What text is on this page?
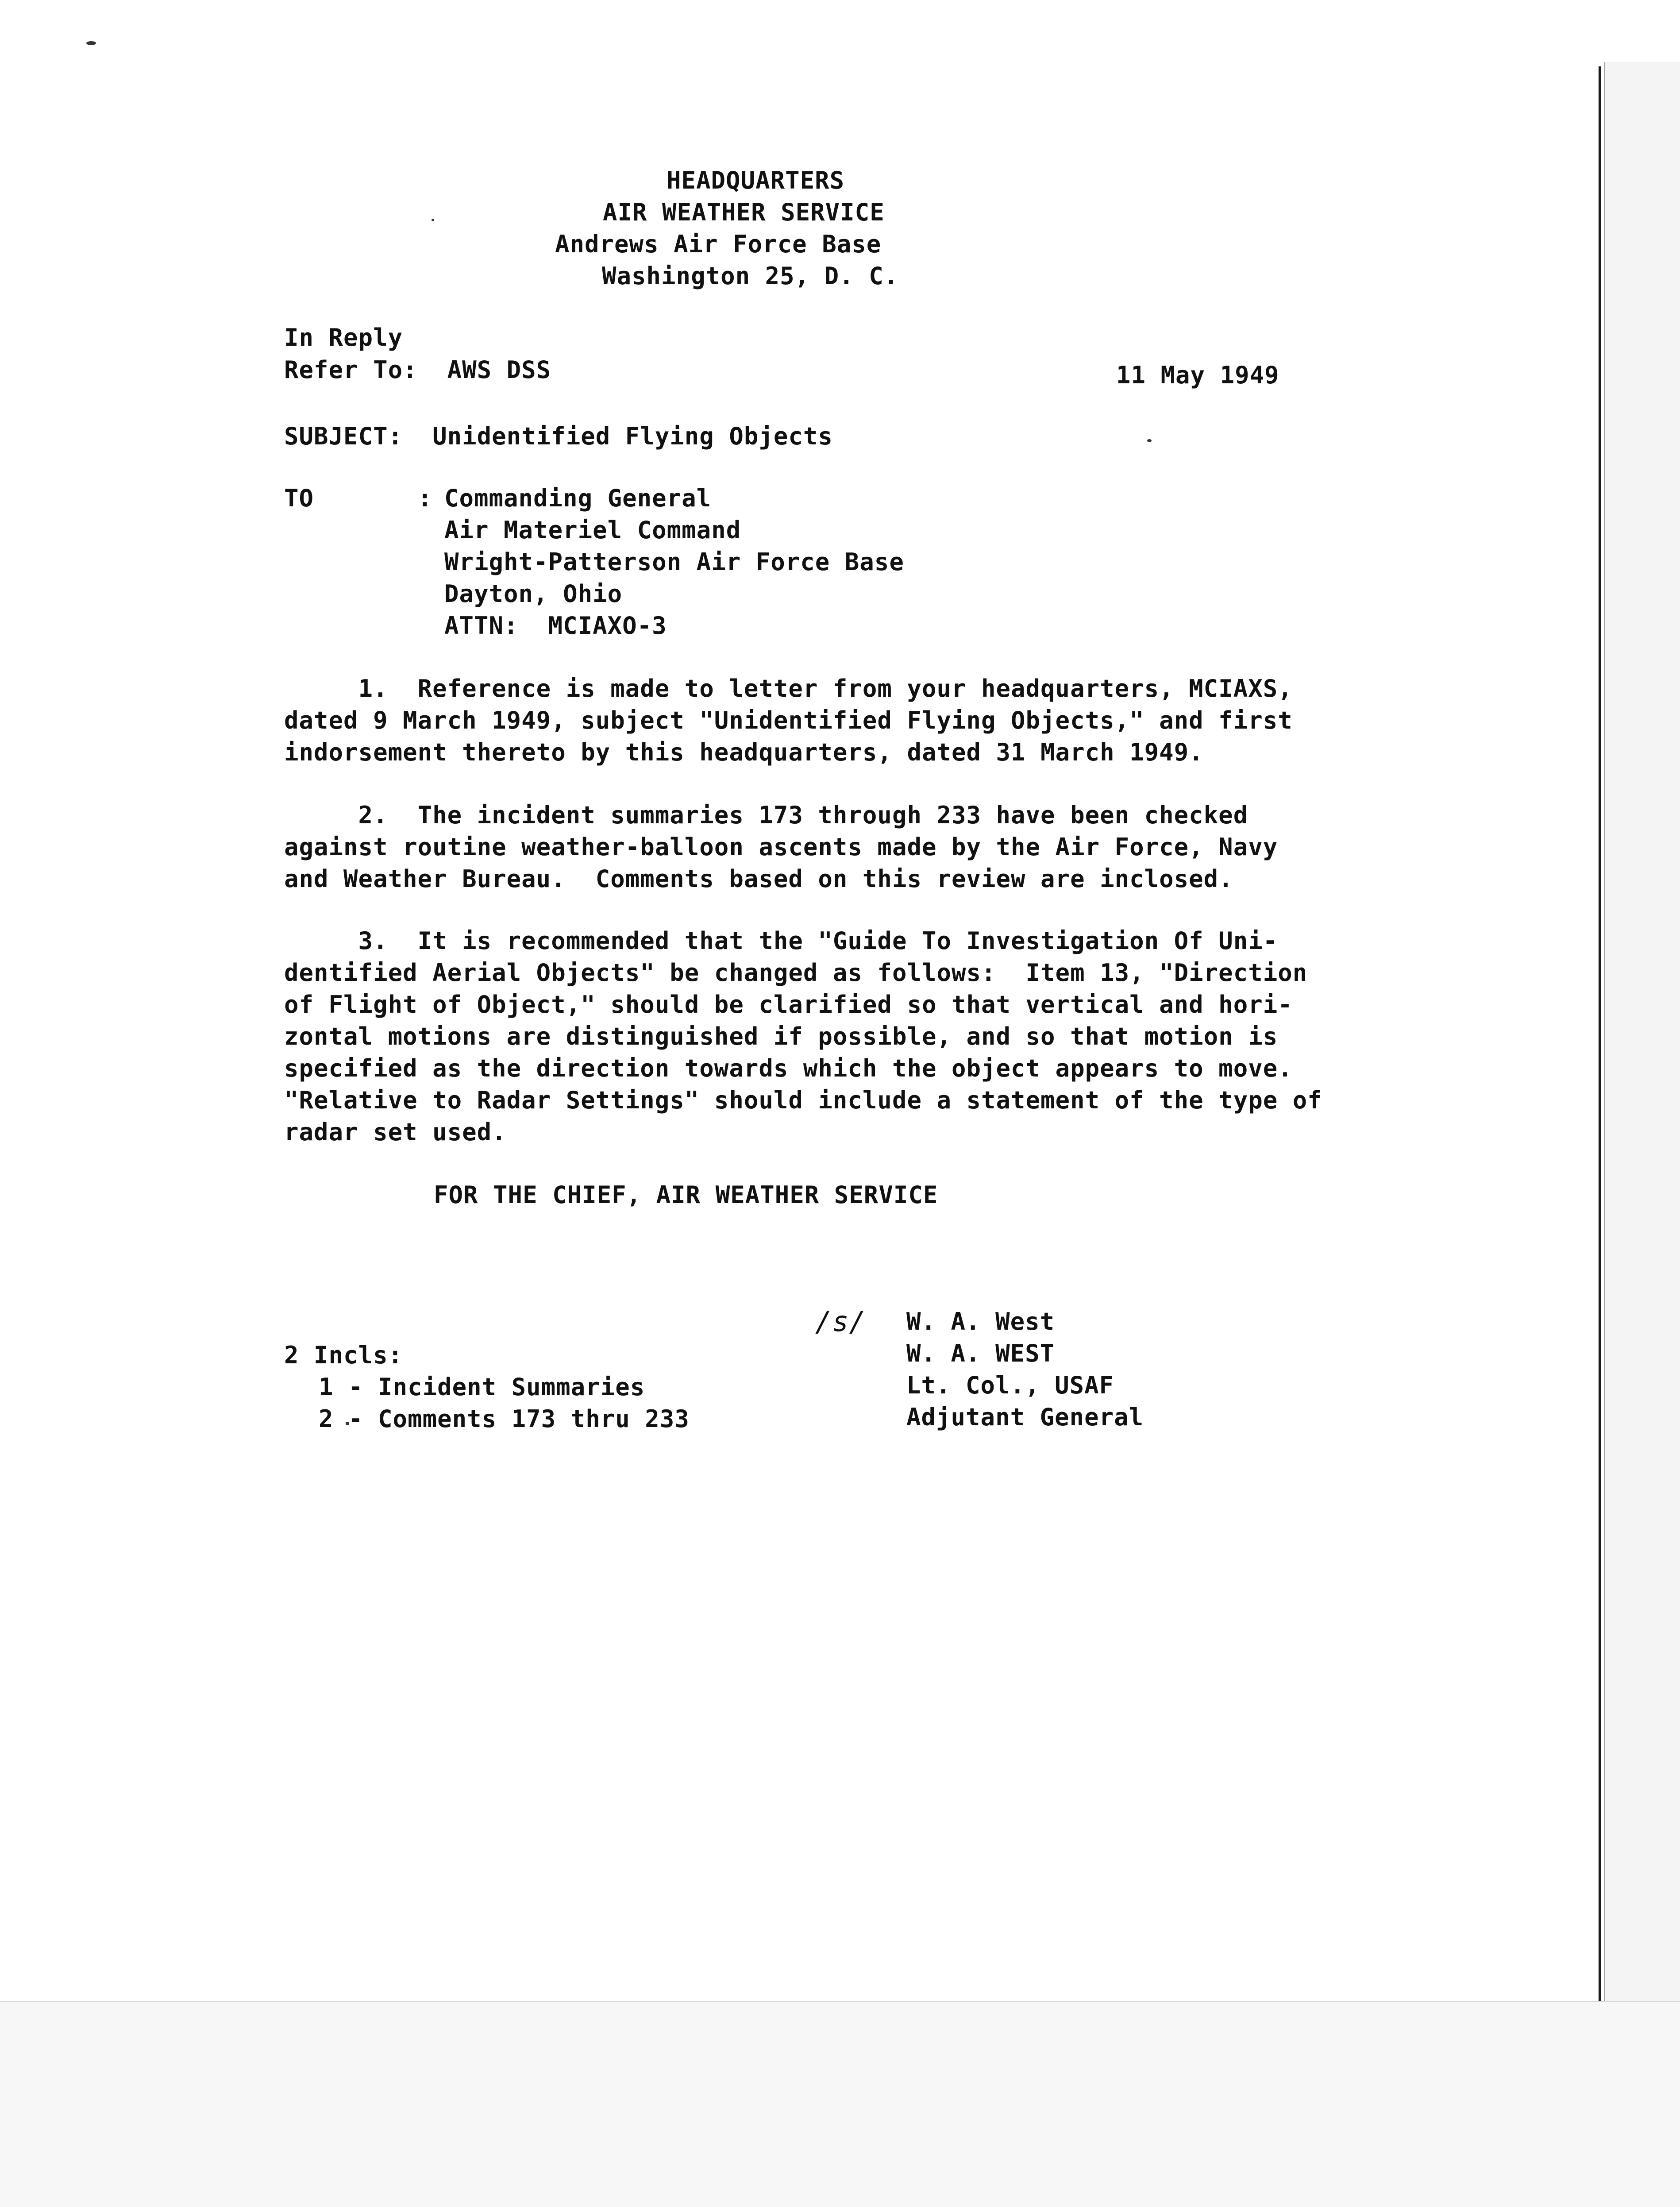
HEADQUARTERS
AIR WEATHER SERVICE
Andrews Air Force Base
Washington 25, D. C.
In Reply
Refer To:  AWS DSS	11 May 1949
SUBJECT:  Unidentified Flying Objects
TO       : Commanding General
Air Materiel Command
Wright-Patterson Air Force Base
Dayton, Ohio
ATTN:  MCIAXO-3
1.  Reference is made to letter from your headquarters, MCIAXS,
dated 9 March 1949, subject "Unidentified Flying Objects," and first
indorsement thereto by this headquarters, dated 31 March 1949.
2.  The incident summaries 173 through 233 have been checked
against routine weather-balloon ascents made by the Air Force, Navy
and Weather Bureau.  Comments based on this review are inclosed.
3.  It is recommended that the "Guide To Investigation Of Uni-
dentified Aerial Objects" be changed as follows:  Item 13, "Direction
of Flight of Object," should be clarified so that vertical and hori-
zontal motions are distinguished if possible, and so that motion is
specified as the direction towards which the object appears to move.
"Relative to Radar Settings" should include a statement of the type of
radar set used.
FOR THE CHIEF, AIR WEATHER SERVICE
/s/ W. A. West
W. A. WEST
Lt. Col., USAF
Adjutant General
2 Incls:
1 - Incident Summaries
2 - Comments 173 thru 233
